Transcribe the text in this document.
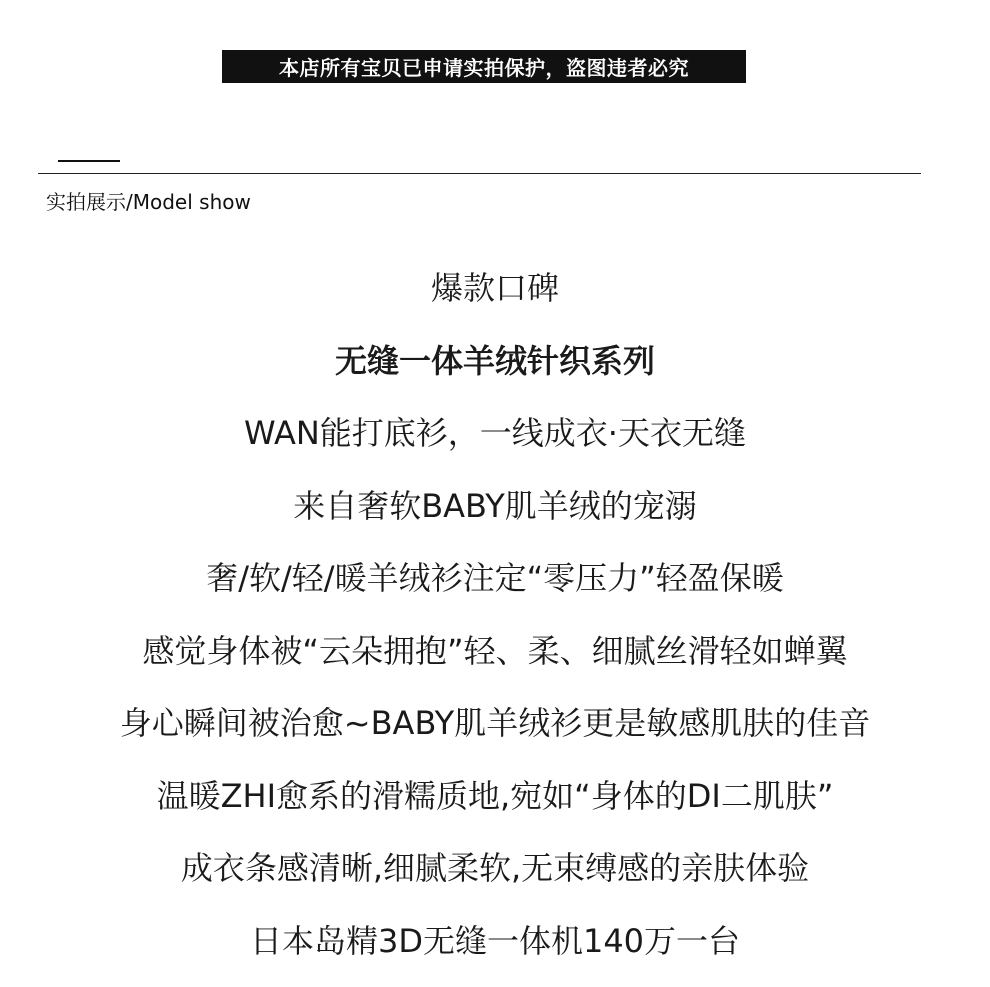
本店所有宝贝已申请实拍保护，盗图违者必究
实拍展示/Model show
爆款口碑
无缝一体羊绒针织系列
WAN能打底衫，一线成衣·天衣无缝
来自奢软BABY肌羊绒的宠溺
奢/软/轻/暖羊绒衫注定“零压力”轻盈保暖
感觉身体被“云朵拥抱”轻、柔、细腻丝滑轻如蝉翼
身心瞬间被治愈~BABY肌羊绒衫更是敏感肌肤的佳音
温暖ZHI愈系的滑糯质地,宛如“身体的DI二肌肤”
成衣条感清晰,细腻柔软,无束缚感的亲肤体验
日本岛精3D无缝一体机140万一台
